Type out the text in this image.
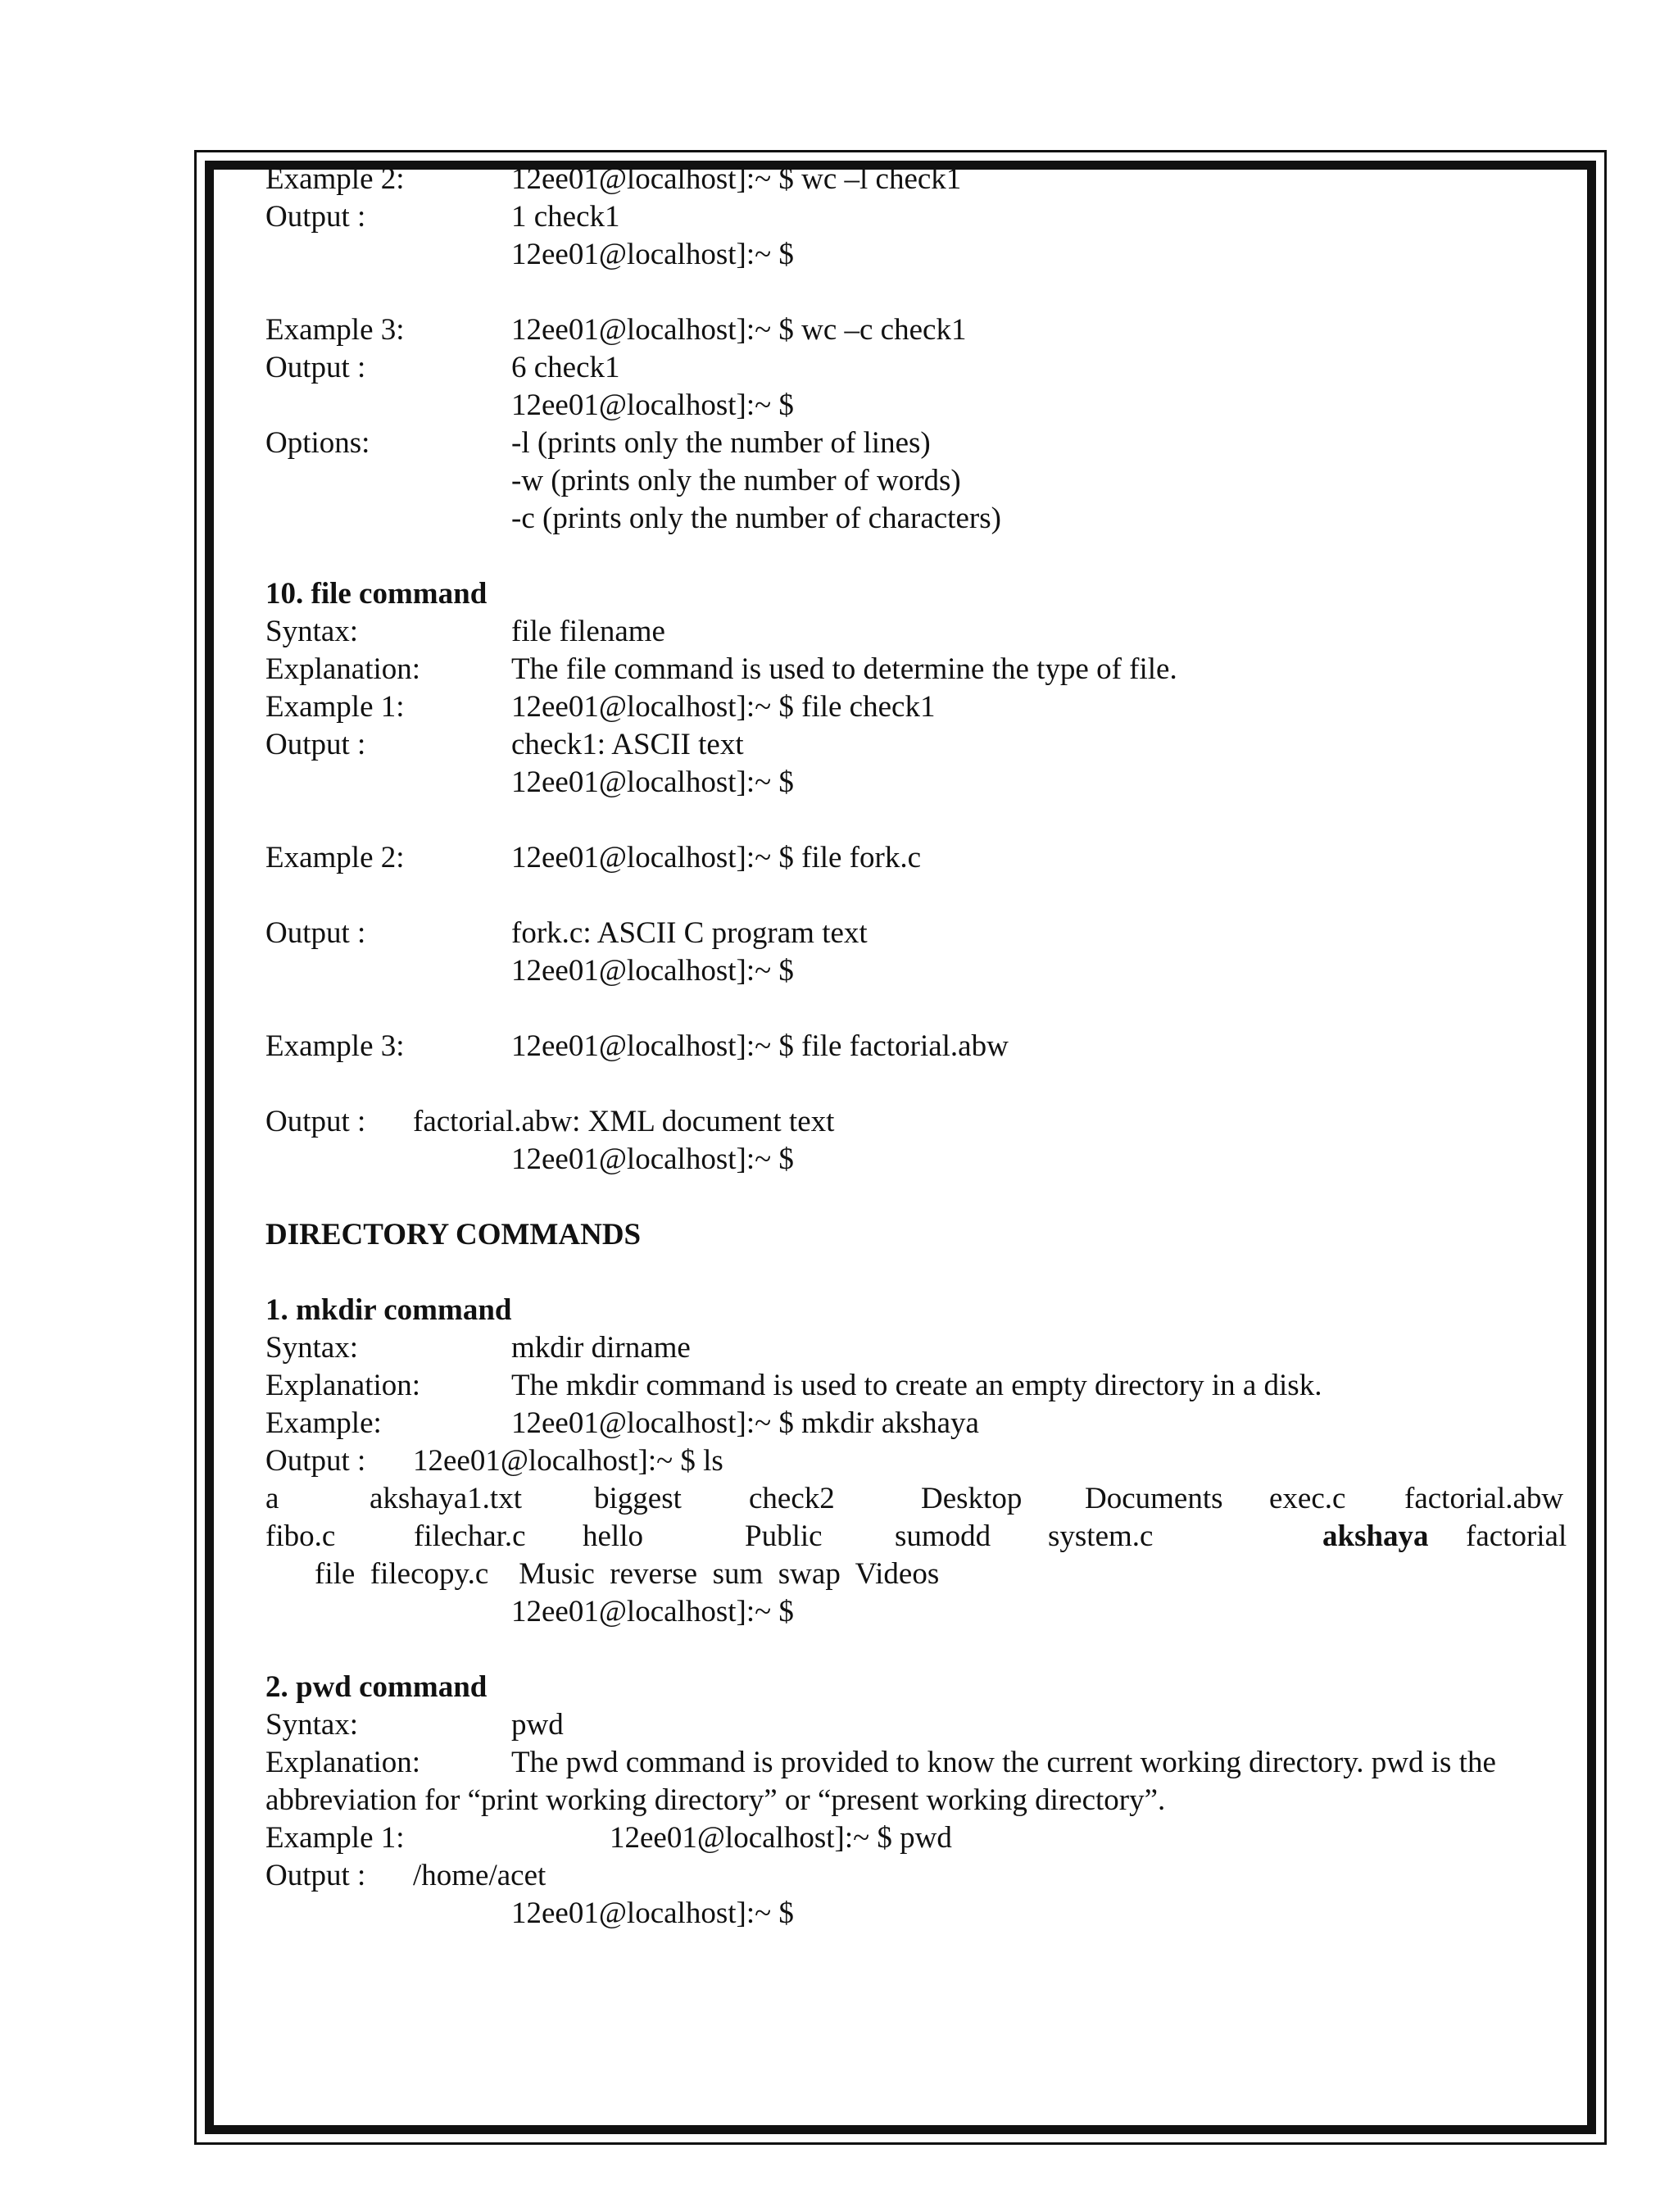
Example 2:	12ee01@localhost]:~ $ wc –l check1
Output :	1 check1
12ee01@localhost]:~ $
Example 3:	12ee01@localhost]:~ $ wc –c check1
Output :	6 check1
12ee01@localhost]:~ $
Options:	-l (prints only the number of lines)
-w (prints only the number of words)
-c (prints only the number of characters)
10. file command
Syntax:	file filename
Explanation:	The file command is used to determine the type of file.
Example 1:	12ee01@localhost]:~ $ file check1
Output :	check1: ASCII text
12ee01@localhost]:~ $
Example 2:	12ee01@localhost]:~ $ file fork.c
Output :	fork.c: ASCII C program text
12ee01@localhost]:~ $
Example 3:	12ee01@localhost]:~ $ file factorial.abw
Output : factorial.abw: XML document text
12ee01@localhost]:~ $
DIRECTORY COMMANDS
1. mkdir command
Syntax:	mkdir dirname
Explanation:	The mkdir command is used to create an empty directory in a disk.
Example:	12ee01@localhost]:~ $ mkdir akshaya
Output : 12ee01@localhost]:~ $ ls
a	akshaya1.txt biggest check2	Desktop Documents exec.c factorial.abw
fibo.c	filechar.c hello	Public sumodd system.c	akshaya factorial
file  filecopy.c    Music  reverse  sum  swap  Videos
12ee01@localhost]:~ $
2. pwd command
Syntax:	pwd
Explanation:	The pwd command is provided to know the current working directory. pwd is the
abbreviation for “print working directory” or “present working directory”.
Example 1:	12ee01@localhost]:~ $ pwd
Output : /home/acet
12ee01@localhost]:~ $
